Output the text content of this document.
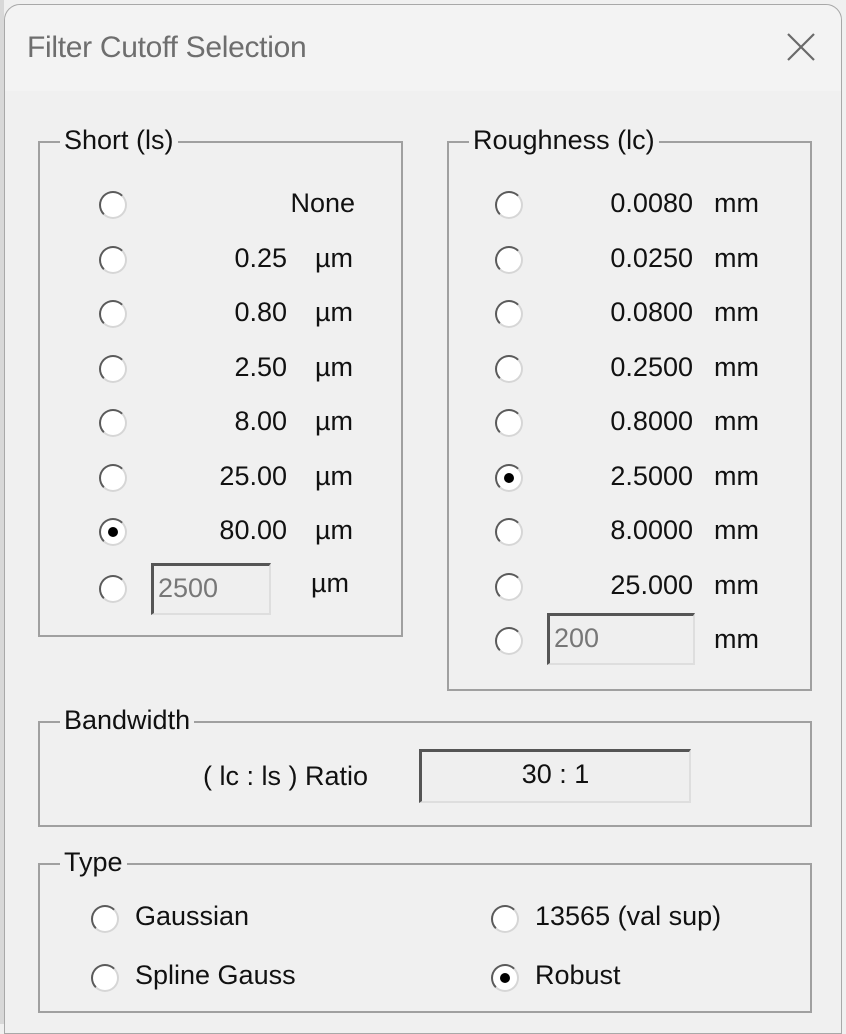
Filter Cutoff Selection
Short (ls)	Roughness (lc)
Bandwidth
Type
None
0.25 µm
0.80 µm
2.50 µm
8.00 µm
25.00 µm
80.00 µm
2500	µm
0.0080 mm
0.0250 mm
0.0800 mm
0.2500 mm
0.8000 mm
2.5000 mm
8.0000 mm
25.000 mm
200	mm
( lc : ls ) Ratio	30 : 1
Gaussian	13565 (val sup)
Spline Gauss	Robust
